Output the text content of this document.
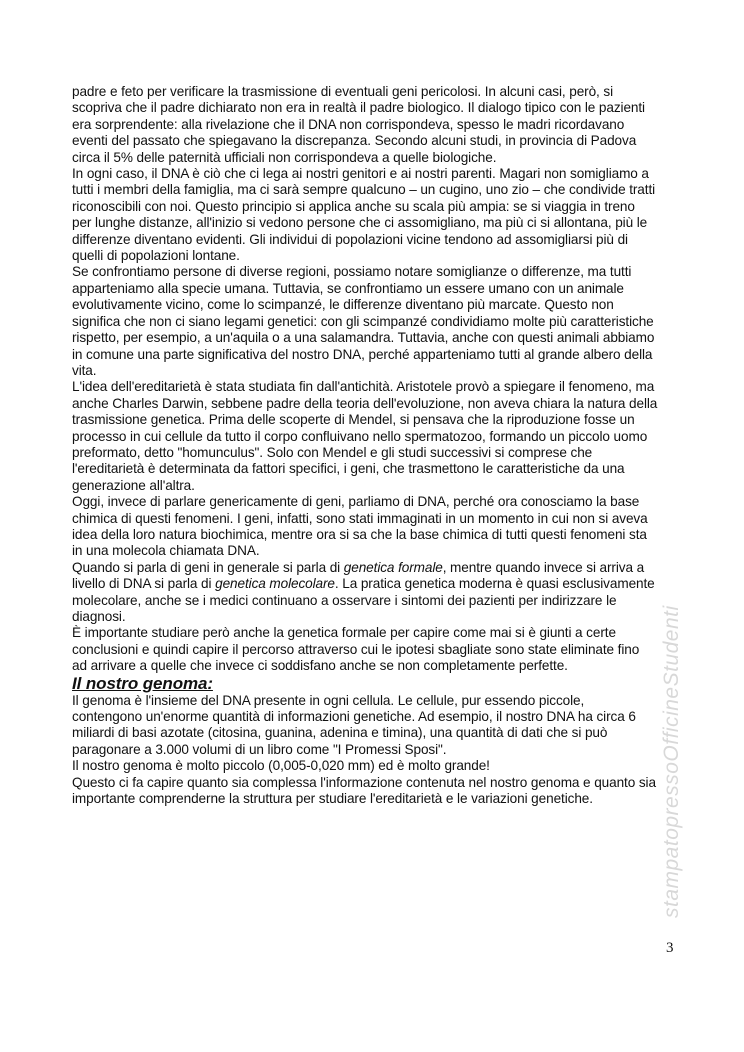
padre e feto per verificare la trasmissione di eventuali geni pericolosi. In alcuni casi, però, si
scopriva che il padre dichiarato non era in realtà il padre biologico. Il dialogo tipico con le pazienti
era sorprendente: alla rivelazione che il DNA non corrispondeva, spesso le madri ricordavano
eventi del passato che spiegavano la discrepanza. Secondo alcuni studi, in provincia di Padova
circa il 5% delle paternità ufficiali non corrispondeva a quelle biologiche.
In ogni caso, il DNA è ciò che ci lega ai nostri genitori e ai nostri parenti. Magari non somigliamo a
tutti i membri della famiglia, ma ci sarà sempre qualcuno – un cugino, uno zio – che condivide tratti
riconoscibili con noi. Questo principio si applica anche su scala più ampia: se si viaggia in treno
per lunghe distanze, all'inizio si vedono persone che ci assomigliano, ma più ci si allontana, più le
differenze diventano evidenti. Gli individui di popolazioni vicine tendono ad assomigliarsi più di
quelli di popolazioni lontane.
Se confrontiamo persone di diverse regioni, possiamo notare somiglianze o differenze, ma tutti
apparteniamo alla specie umana. Tuttavia, se confrontiamo un essere umano con un animale
evolutivamente vicino, come lo scimpanzé, le differenze diventano più marcate. Questo non
significa che non ci siano legami genetici: con gli scimpanzé condividiamo molte più caratteristiche
rispetto, per esempio, a un'aquila o a una salamandra. Tuttavia, anche con questi animali abbiamo
in comune una parte significativa del nostro DNA, perché apparteniamo tutti al grande albero della
vita.
L'idea dell'ereditarietà è stata studiata fin dall'antichità. Aristotele provò a spiegare il fenomeno, ma
anche Charles Darwin, sebbene padre della teoria dell'evoluzione, non aveva chiara la natura della
trasmissione genetica. Prima delle scoperte di Mendel, si pensava che la riproduzione fosse un
processo in cui cellule da tutto il corpo confluivano nello spermatozoo, formando un piccolo uomo
preformato, detto "homunculus". Solo con Mendel e gli studi successivi si comprese che
l'ereditarietà è determinata da fattori specifici, i geni, che trasmettono le caratteristiche da una
generazione all'altra.
Oggi, invece di parlare genericamente di geni, parliamo di DNA, perché ora conosciamo la base
chimica di questi fenomeni. I geni, infatti, sono stati immaginati in un momento in cui non si aveva
idea della loro natura biochimica, mentre ora si sa che la base chimica di tutti questi fenomeni sta
in una molecola chiamata DNA.
Quando si parla di geni in generale si parla di genetica formale, mentre quando invece si arriva a
livello di DNA si parla di genetica molecolare. La pratica genetica moderna è quasi esclusivamente
molecolare, anche se i medici continuano a osservare i sintomi dei pazienti per indirizzare le
diagnosi.
È importante studiare però anche la genetica formale per capire come mai si è giunti a certe
conclusioni e quindi capire il percorso attraverso cui le ipotesi sbagliate sono state eliminate fino
ad arrivare a quelle che invece ci soddisfano anche se non completamente perfette.
Il nostro genoma:
Il genoma è l'insieme del DNA presente in ogni cellula. Le cellule, pur essendo piccole,
contengono un'enorme quantità di informazioni genetiche. Ad esempio, il nostro DNA ha circa 6
miliardi di basi azotate (citosina, guanina, adenina e timina), una quantità di dati che si può
paragonare a 3.000 volumi di un libro come "I Promessi Sposi".
Il nostro genoma è molto piccolo (0,005-0,020 mm) ed è molto grande!
Questo ci fa capire quanto sia complessa l'informazione contenuta nel nostro genoma e quanto sia
importante comprenderne la struttura per studiare l'ereditarietà e le variazioni genetiche.	stampatopressoOfficineStudenti
3
